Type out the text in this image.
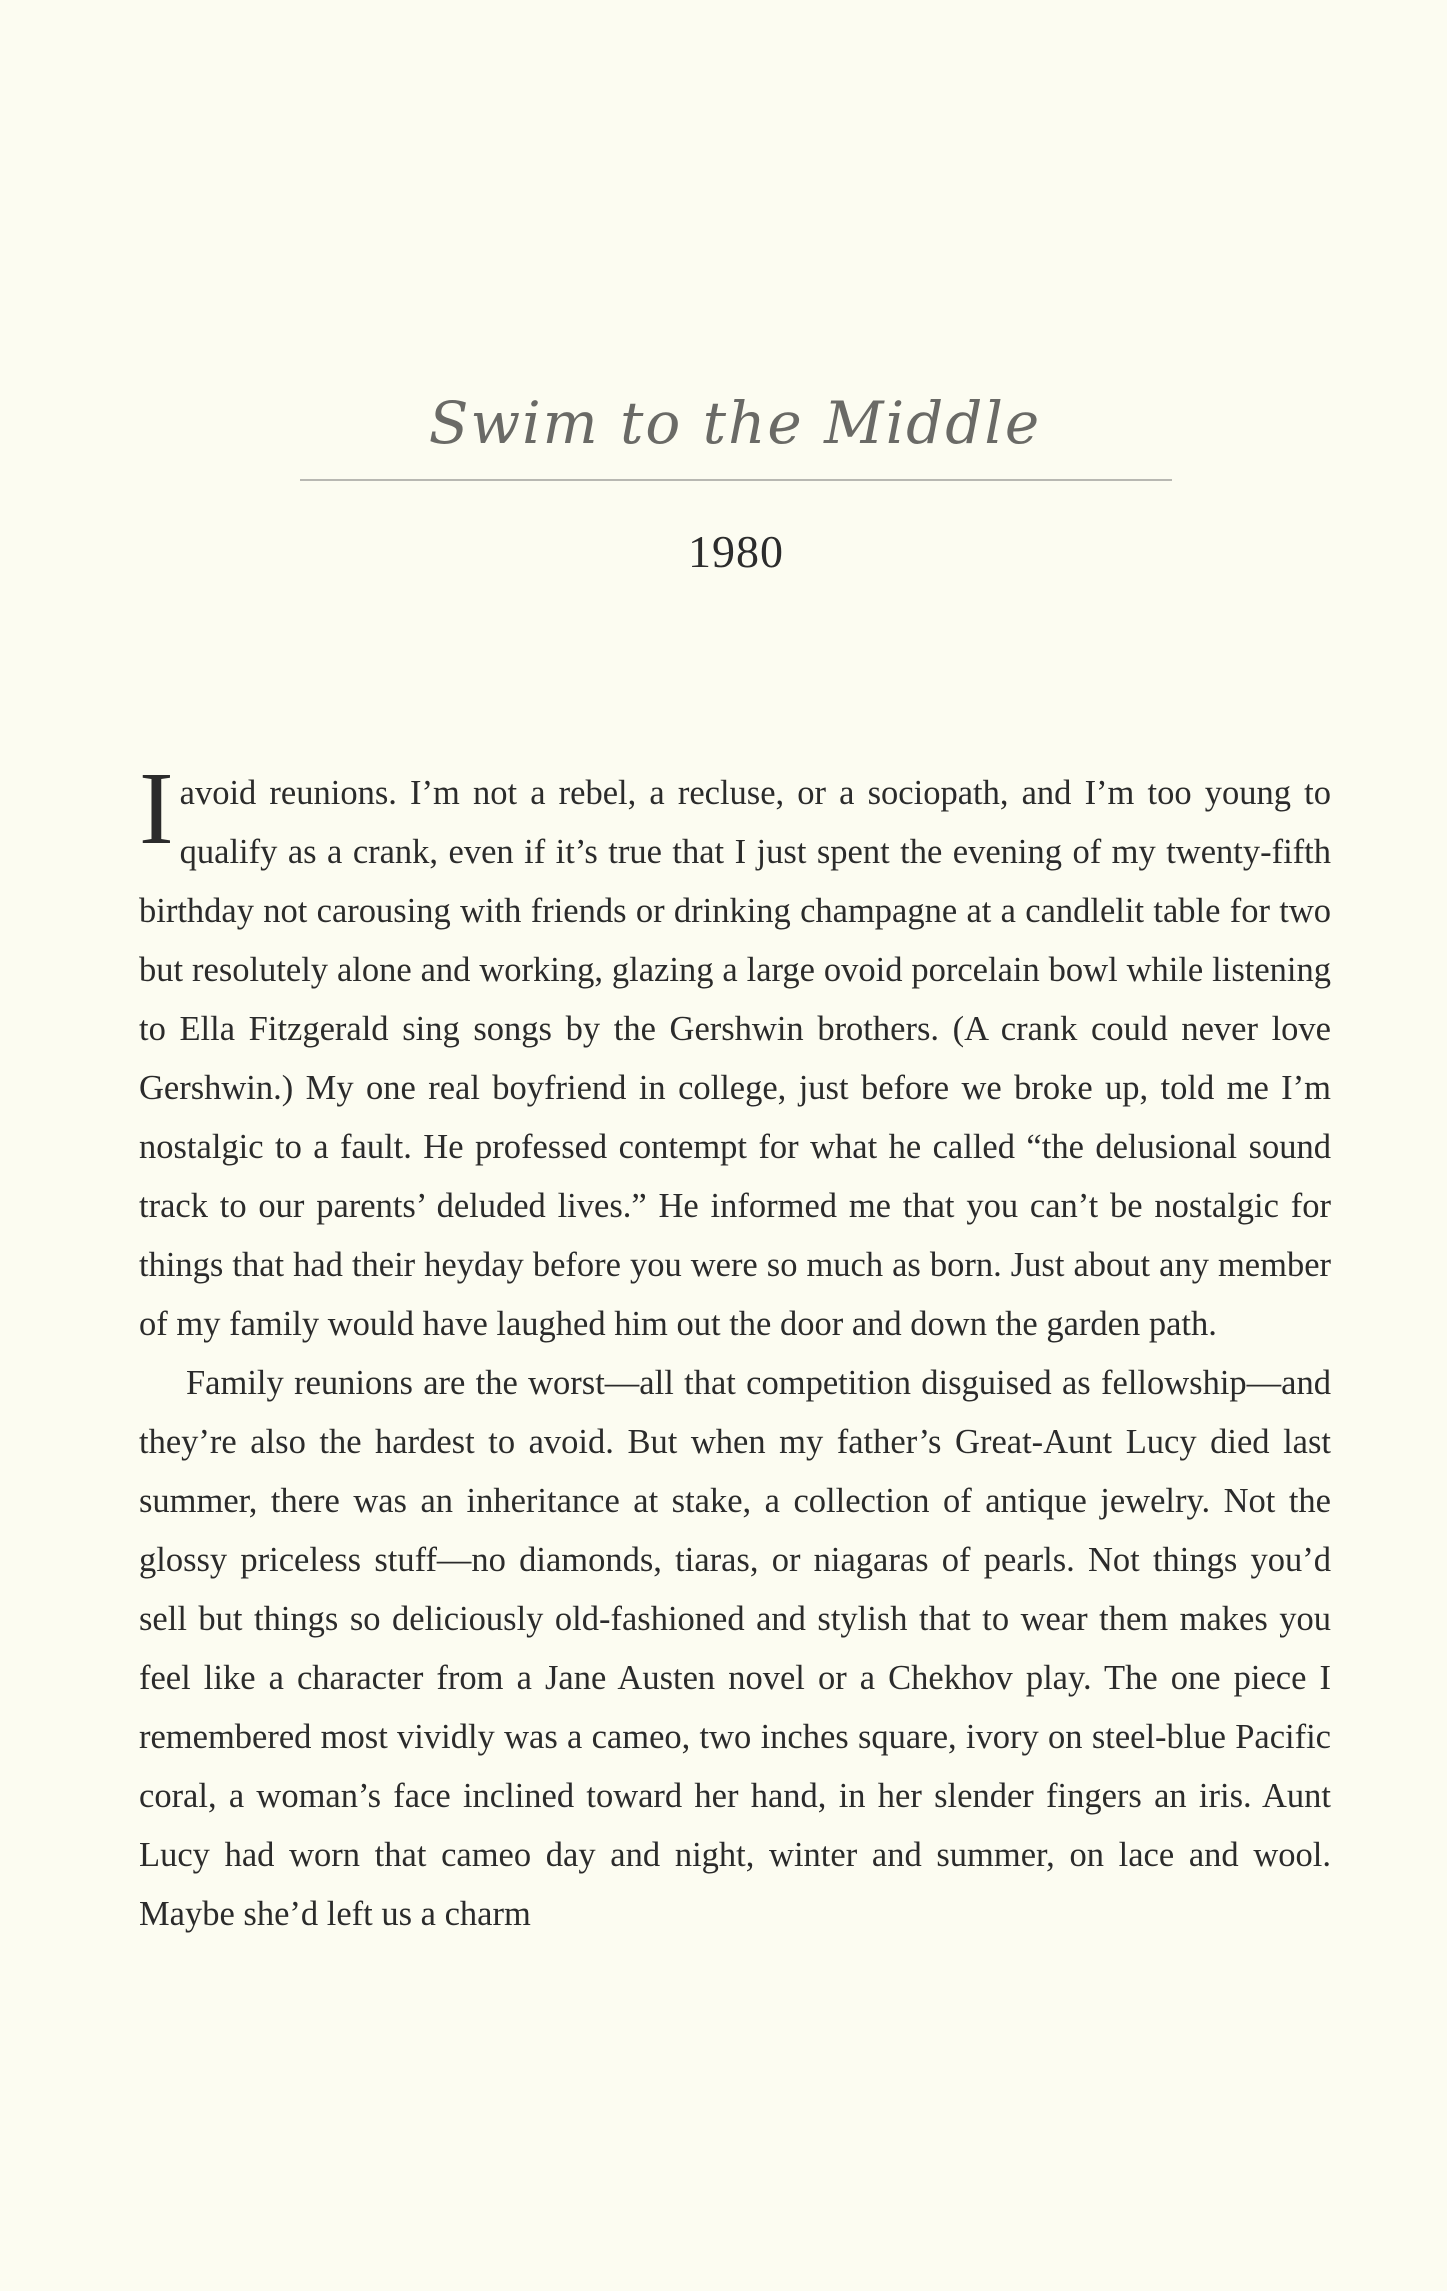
Swim to the Middle
1980

Iavoid reunions. I’m not a rebel, a recluse, or a sociopath, and I’m too young to qualify as a crank, even if it’s true that I just spent the evening of my twenty-fifth birthday not carousing with friends or drinking champagne at a candlelit table for two but resolutely alone and working, glazing a large ovoid porcelain bowl while listening to Ella Fitzgerald sing songs by the Gershwin brothers. (A crank could never love Gershwin.) My one real boyfriend in college, just before we broke up, told me I’m nostalgic to a fault. He professed contempt for what he called “the delusional sound track to our parents’ deluded lives.” He informed me that you can’t be nostalgic for things that had their heyday before you were so much as born. Just about any member of my family would have laughed him out the door and down the garden path.

Family reunions are the worst—all that competition disguised as fellowship—and they’re also the hardest to avoid. But when my father’s Great-Aunt Lucy died last summer, there was an inheritance at stake, a collection of antique jewelry. Not the glossy priceless stuff—no diamonds, tiaras, or niagaras of pearls. Not things you’d sell but things so deliciously old-fashioned and stylish that to wear them makes you feel like a character from a Jane Austen novel or a Chekhov play. The one piece I remembered most vividly was a cameo, two inches square, ivory on steel-blue Pacific coral, a woman’s face inclined toward her hand, in her slender fingers an iris. Aunt Lucy had worn that cameo day and night, winter and summer, on lace and wool. Maybe she’d left us a charm
